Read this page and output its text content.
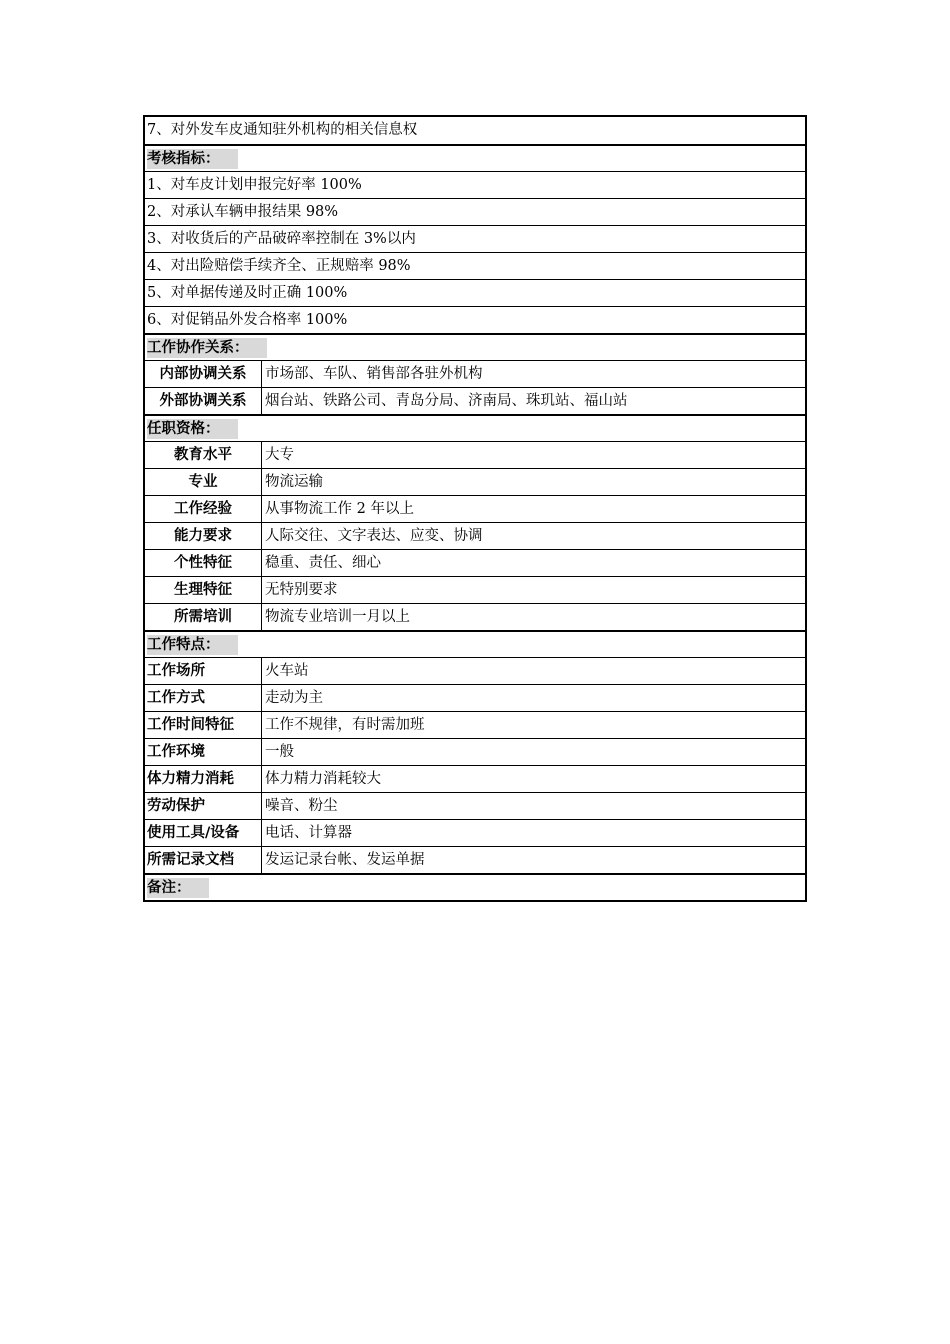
7、对外发车皮通知驻外机构的相关信息权
考核指标：
1、对车皮计划申报完好率 100%
2、对承认车辆申报结果 98%
3、对收货后的产品破碎率控制在 3%以内
4、对出险赔偿手续齐全、正规赔率 98%
5、对单据传递及时正确 100%
6、对促销品外发合格率 100%
工作协作关系：
内部协调关系	市场部、车队、销售部各驻外机构
外部协调关系	烟台站、铁路公司、青岛分局、济南局、珠玑站、福山站
任职资格：
教育水平	大专
专业	物流运输
工作经验	从事物流工作 2 年以上
能力要求	人际交往、文字表达、应变、协调
个性特征	稳重、责任、细心
生理特征	无特别要求
所需培训	物流专业培训一月以上
工作特点：
工作场所	火车站
工作方式	走动为主
工作时间特征	工作不规律，有时需加班
工作环境	一般
体力精力消耗	体力精力消耗较大
劳动保护	噪音、粉尘
使用工具/设备	电话、计算器
所需记录文档	发运记录台帐、发运单据
备注：
